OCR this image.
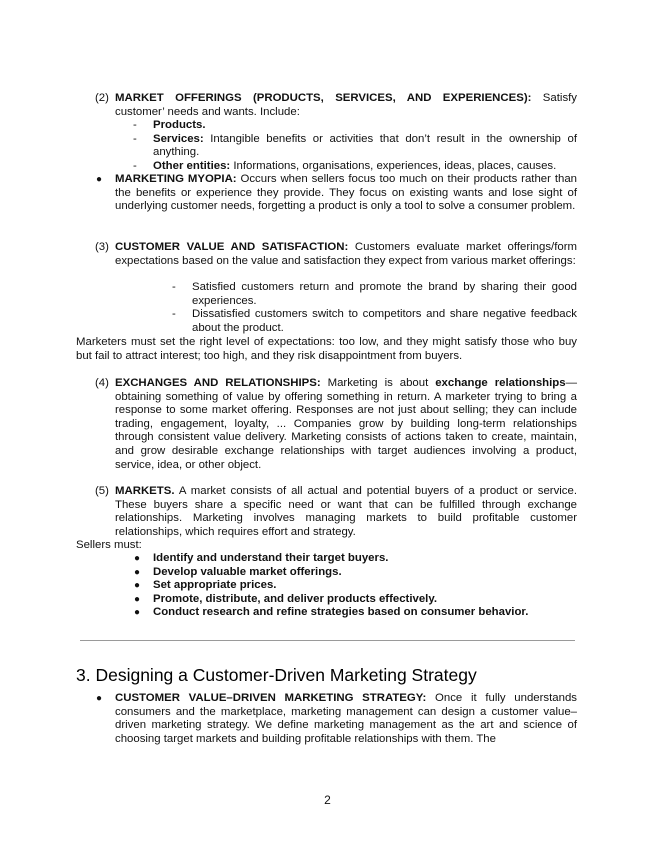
(2) MARKET OFFERINGS (PRODUCTS, SERVICES, AND EXPERIENCES): Satisfy customer’ needs and wants. Include:

- Products.
- Services: Intangible benefits or activities that don’t result in the ownership of anything.
- Other entities: Informations, organisations, experiences, ideas, places, causes.
● MARKETING MYOPIA: Occurs when sellers focus too much on their products rather than the benefits or experience they provide. They focus on existing wants and lose sight of underlying customer needs, forgetting a product is only a tool to solve a consumer problem.
(3) CUSTOMER VALUE AND SATISFACTION: Customers evaluate market offerings/form expectations based on the value and satisfaction they expect from various market offerings:

- Satisfied customers return and promote the brand by sharing their good experiences.
- Dissatisfied customers switch to competitors and share negative feedback about the product.

Marketers must set the right level of expectations: too low, and they might satisfy those who buy but fail to attract interest; too high, and they risk disappointment from buyers.

(4) EXCHANGES AND RELATIONSHIPS: Marketing is about exchange relationships—obtaining something of value by offering something in return. A marketer trying to bring a response to some market offering. Responses are not just about selling; they can include trading, engagement, loyalty, ... Companies grow by building long-term relationships through consistent value delivery. Marketing consists of actions taken to create, maintain, and grow desirable exchange relationships with target audiences involving a product, service, idea, or other object.

(5) MARKETS. A market consists of all actual and potential buyers of a product or service. These buyers share a specific need or want that can be fulfilled through exchange relationships. Marketing involves managing markets to build profitable customer relationships, which requires effort and strategy.

Sellers must:

● Identify and understand their target buyers.
● Develop valuable market offerings.
● Set appropriate prices.
● Promote, distribute, and deliver products effectively.
● Conduct research and refine strategies based on consumer behavior.
3. Designing a Customer-Driven Marketing Strategy
● CUSTOMER VALUE–DRIVEN MARKETING STRATEGY: Once it fully understands consumers and the marketplace, marketing management can design a customer value–driven marketing strategy. We define marketing management as the art and science of choosing target markets and building profitable relationships with them. The
2
